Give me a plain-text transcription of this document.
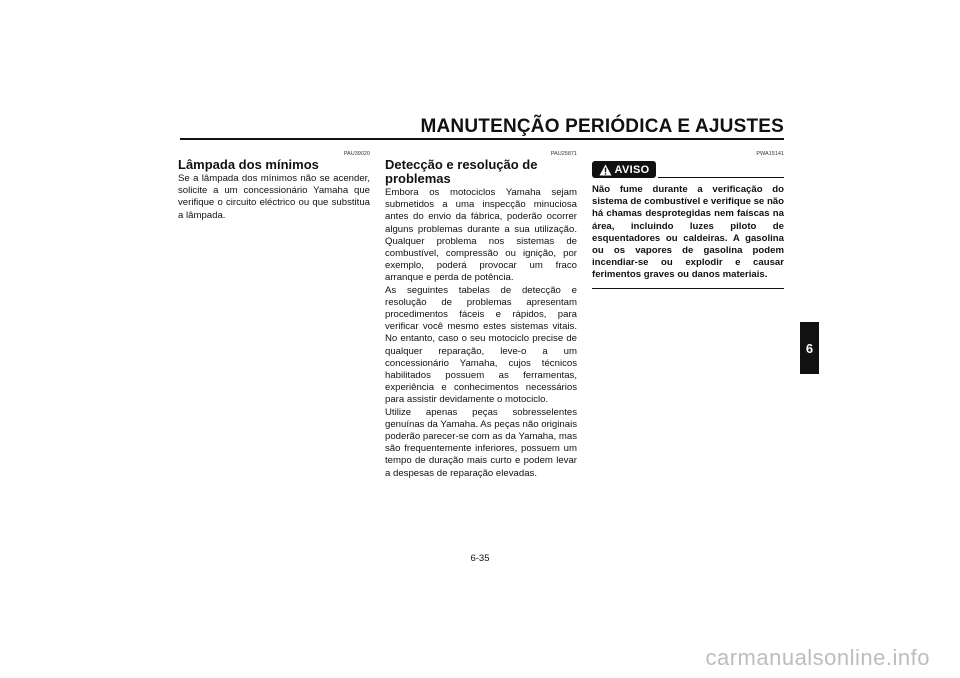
MANUTENÇÃO PERIÓDICA E AJUSTES
PAU39020
Lâmpada dos mínimos

Se a lâmpada dos mínimos não se acender, solicite a um concessionário Yamaha que verifique o circuito eléctrico ou que substitua a lâmpada.

PAU25871
Detecção e resolução de problemas

Embora os motociclos Yamaha sejam submetidos a uma inspecção minuciosa antes do envio da fábrica, poderão ocorrer alguns problemas durante a sua utilização. Qualquer problema nos sistemas de combustível, compressão ou ignição, por exemplo, poderá provocar um fraco arranque e perda de potência.

As seguintes tabelas de detecção e resolução de problemas apresentam procedimentos fáceis e rápidos, para verificar você mesmo estes sistemas vitais. No entanto, caso o seu motociclo precise de qualquer reparação, leve-o a um concessionário Yamaha, cujos técnicos habilitados possuem as ferramentas, experiência e conhecimentos necessários para assistir devidamente o motociclo.

Utilize apenas peças sobresselentes genuínas da Yamaha. As peças não originais poderão parecer-se com as da Yamaha, mas são frequentemente inferiores, possuem um tempo de duração mais curto e podem levar a despesas de reparação elevadas.

PWA15141
AVISO

Não fume durante a verificação do sistema de combustível e verifique se não há chamas desprotegidas nem faíscas na área, incluindo luzes piloto de esquentadores ou caldeiras. A gasolina ou os vapores de gasolina podem incendiar-se ou explodir e causar ferimentos graves ou danos materiais.

6
6-35
carmanualsonline.info
